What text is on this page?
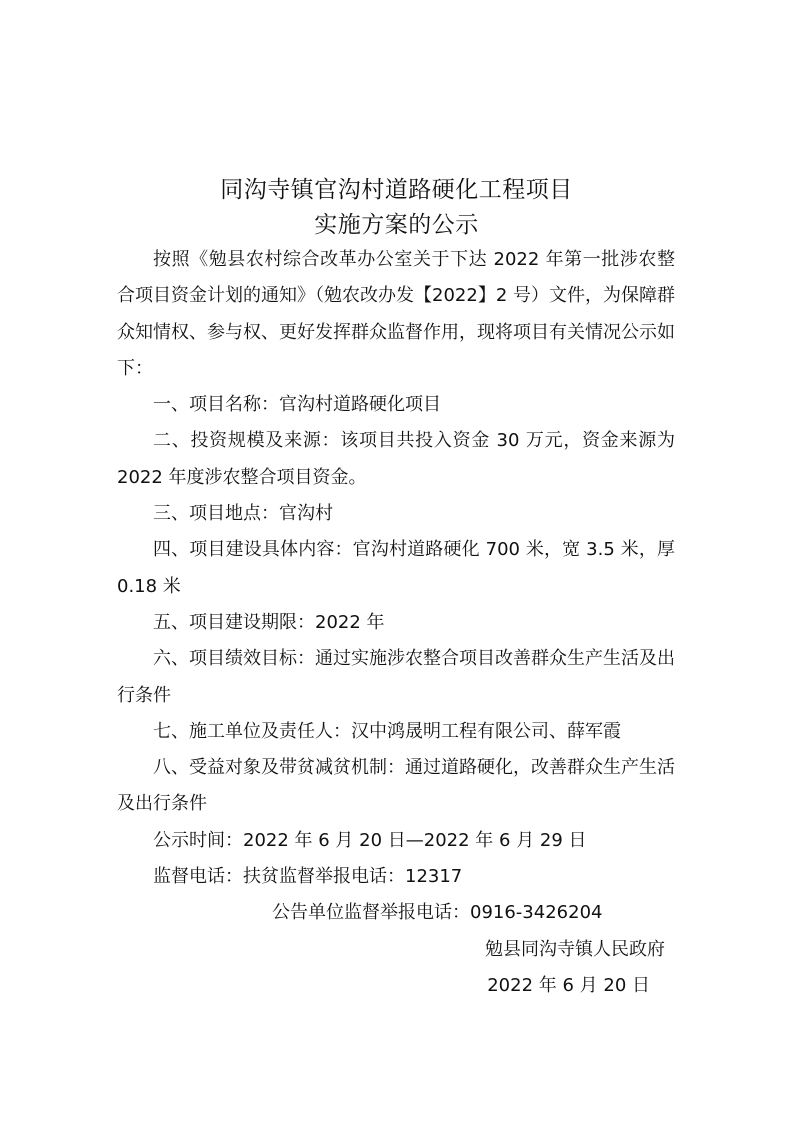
同沟寺镇官沟村道路硬化工程项目
实施方案的公示

按照《勉县农村综合改革办公室关于下达 2022 年第一批涉农整合项目资金计划的通知》（勉农改办发【2022】2 号）文件，为保障群众知情权、参与权、更好发挥群众监督作用，现将项目有关情况公示如下：

一、项目名称：官沟村道路硬化项目

二、投资规模及来源：该项目共投入资金 30 万元，资金来源为 2022 年度涉农整合项目资金。

三、项目地点：官沟村

四、项目建设具体内容：官沟村道路硬化 700 米，宽 3.5 米，厚 0.18 米

五、项目建设期限：2022 年

六、项目绩效目标：通过实施涉农整合项目改善群众生产生活及出行条件

七、施工单位及责任人：汉中鸿晟明工程有限公司、薛军霞

八、受益对象及带贫减贫机制：通过道路硬化，改善群众生产生活及出行条件

公示时间：2022 年 6 月 20 日—2022 年 6 月 29 日

监督电话：扶贫监督举报电话：12317

公告单位监督举报电话：0916-3426204

勉县同沟寺镇人民政府

2022 年 6 月 20 日
